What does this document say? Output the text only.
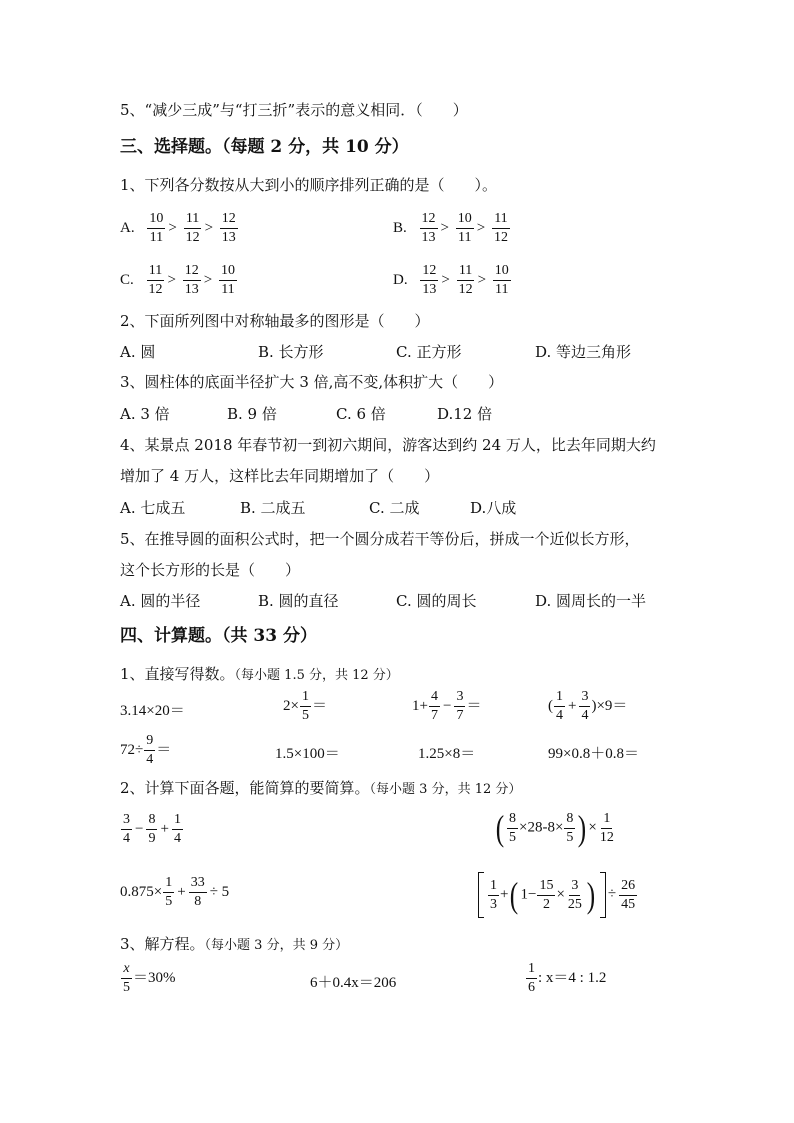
5、“减少三成”与“打三折”表示的意义相同．（　　）
三、选择题。（每题 2 分，共 10 分）
1、下列各分数按从大到小的顺序排列正确的是（　　）。
A. $\frac{10}{11} > \frac{11}{12} > \frac{12}{13}$	B. $\frac{12}{13} > \frac{10}{11} > \frac{11}{12}$
C. $\frac{11}{12} > \frac{12}{13} > \frac{10}{11}$	D. $\frac{12}{13} > \frac{11}{12} > \frac{10}{11}$
2、下面所列图中对称轴最多的图形是（　　）
A. 圆	B. 长方形	C. 正方形	D. 等边三角形
3、圆柱体的底面半径扩大 3 倍,高不变,体积扩大（　　）
A. 3 倍	B. 9 倍	C. 6 倍	D.12 倍
4、某景点 2018 年春节初一到初六期间，游客达到约 24 万人，比去年同期大约
增加了 4 万人，这样比去年同期增加了（　　）
A. 七成五	B. 二成五	C. 二成	D.八成
5、在推导圆的面积公式时，把一个圆分成若干等份后，拼成一个近似长方形，
这个长方形的长是（　　）
A. 圆的半径	B. 圆的直径	C. 圆的周长	D. 圆周长的一半
四、计算题。（共 33 分）
1、直接写得数。（每小题 1.5 分，共 12 分）
3.14×20＝	$2\times \frac{1}{5}$ ＝	$1+ \frac{4}{7} - \frac{3}{7}$ ＝	( $\frac{1}{4} + \frac{3}{4} )\times 9=$
$72\div \frac{9}{4}$ ＝	1.5×100＝	1.25×8＝	99×0.8＋0.8＝
2、计算下面各题，能简算的要简算。（每小题 3 分，共 12 分）
$\frac{3}{4} - \frac{8}{9} + \frac{1}{4}$	( $\frac{8}{5} \times 28-8\times \frac{8}{5}$ ) × $\frac{1}{12}$
$0.875\times \frac{1}{5} + \frac{33}{8} \div 5$	$\frac{1}{3}$ +( $1- \frac{15}{2} \times \frac{3}{25}$ ) ÷ $\frac{26}{45}$
3、解方程。（每小题 3 分，共 9 分）
$\frac{x}{5} =30\%$	6＋0.4x＝206	$\frac{1}{6}$ : x＝4 : 1.2
